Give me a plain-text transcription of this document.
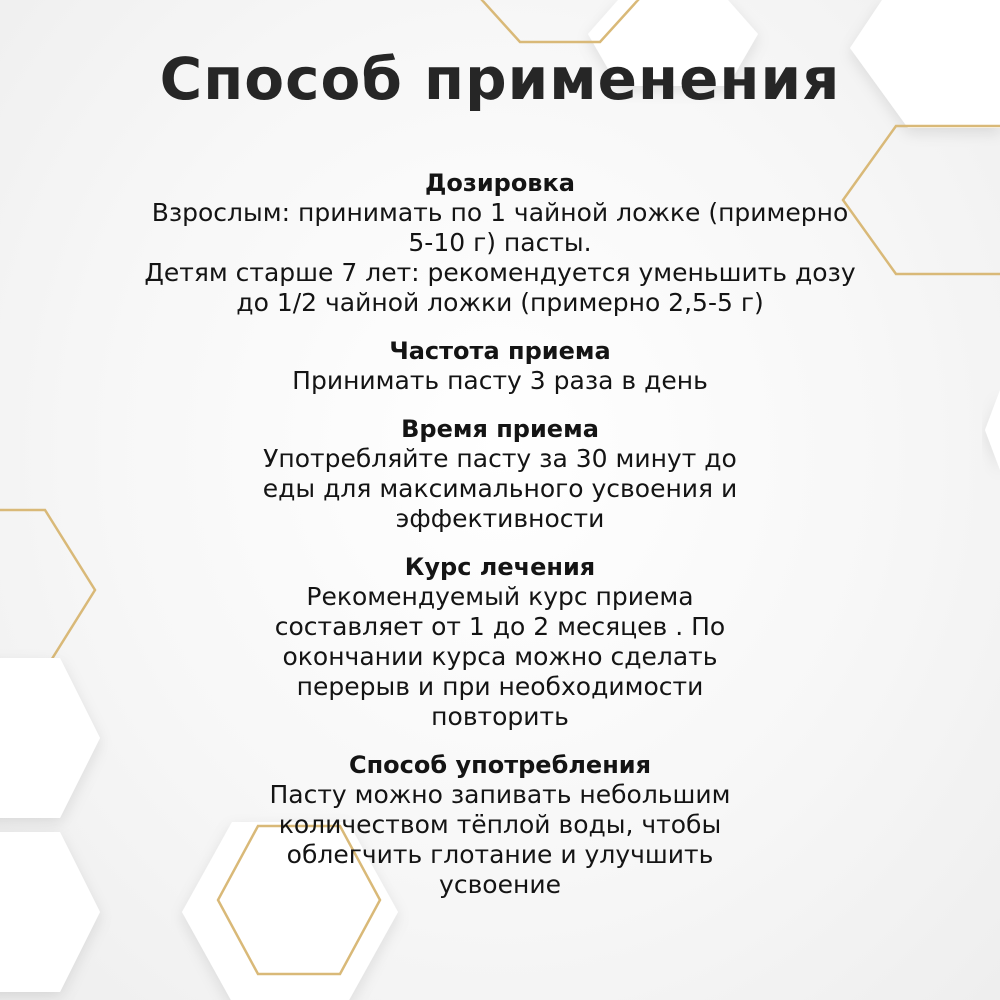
Способ применения
Дозировка
Взрослым: принимать по 1 чайной ложке (примерно
5-10 г) пасты.
Детям старше 7 лет: рекомендуется уменьшить дозу
до 1/2 чайной ложки (примерно 2,5-5 г)
Частота приема
Принимать пасту 3 раза в день
Время приема
Употребляйте пасту за 30 минут до
еды для максимального усвоения и
эффективности
Курс лечения
Рекомендуемый курс приема
составляет от 1 до 2 месяцев . По
окончании курса можно сделать
перерыв и при необходимости
повторить
Способ употребления
Пасту можно запивать небольшим
количеством тёплой воды, чтобы
облегчить глотание и улучшить
усвоение
